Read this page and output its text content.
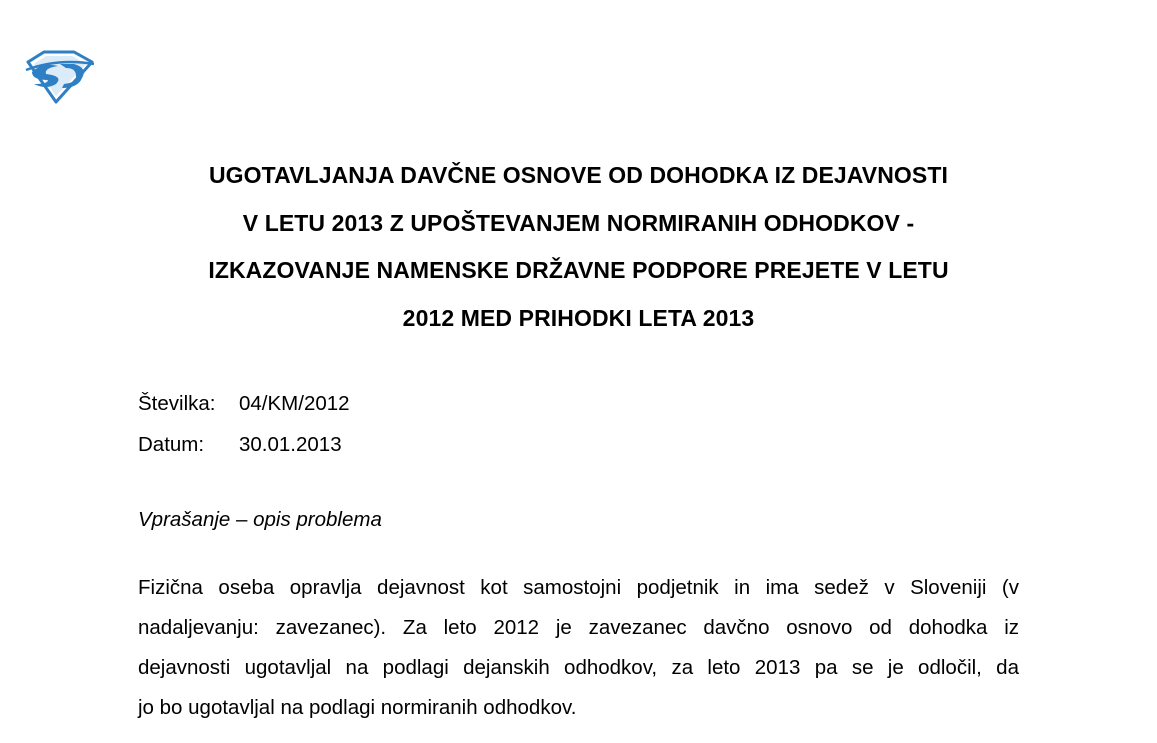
UGOTAVLJANJA DAVČNE OSNOVE OD DOHODKA IZ DEJAVNOSTI
V LETU 2013 Z UPOŠTEVANJEM NORMIRANIH ODHODKOV -
IZKAZOVANJE NAMENSKE DRŽAVNE PODPORE PREJETE V LETU
2012 MED PRIHODKI LETA 2013
Številka:	04/KM/2012
Datum:	30.01.2013
Vprašanje – opis problema
Fizična oseba opravlja dejavnost kot samostojni podjetnik in ima sedež v Sloveniji (v
nadaljevanju: zavezanec). Za leto 2012 je zavezanec davčno osnovo od dohodka iz
dejavnosti ugotavljal na podlagi dejanskih odhodkov, za leto 2013 pa se je odločil, da
jo bo ugotavljal na podlagi normiranih odhodkov.
